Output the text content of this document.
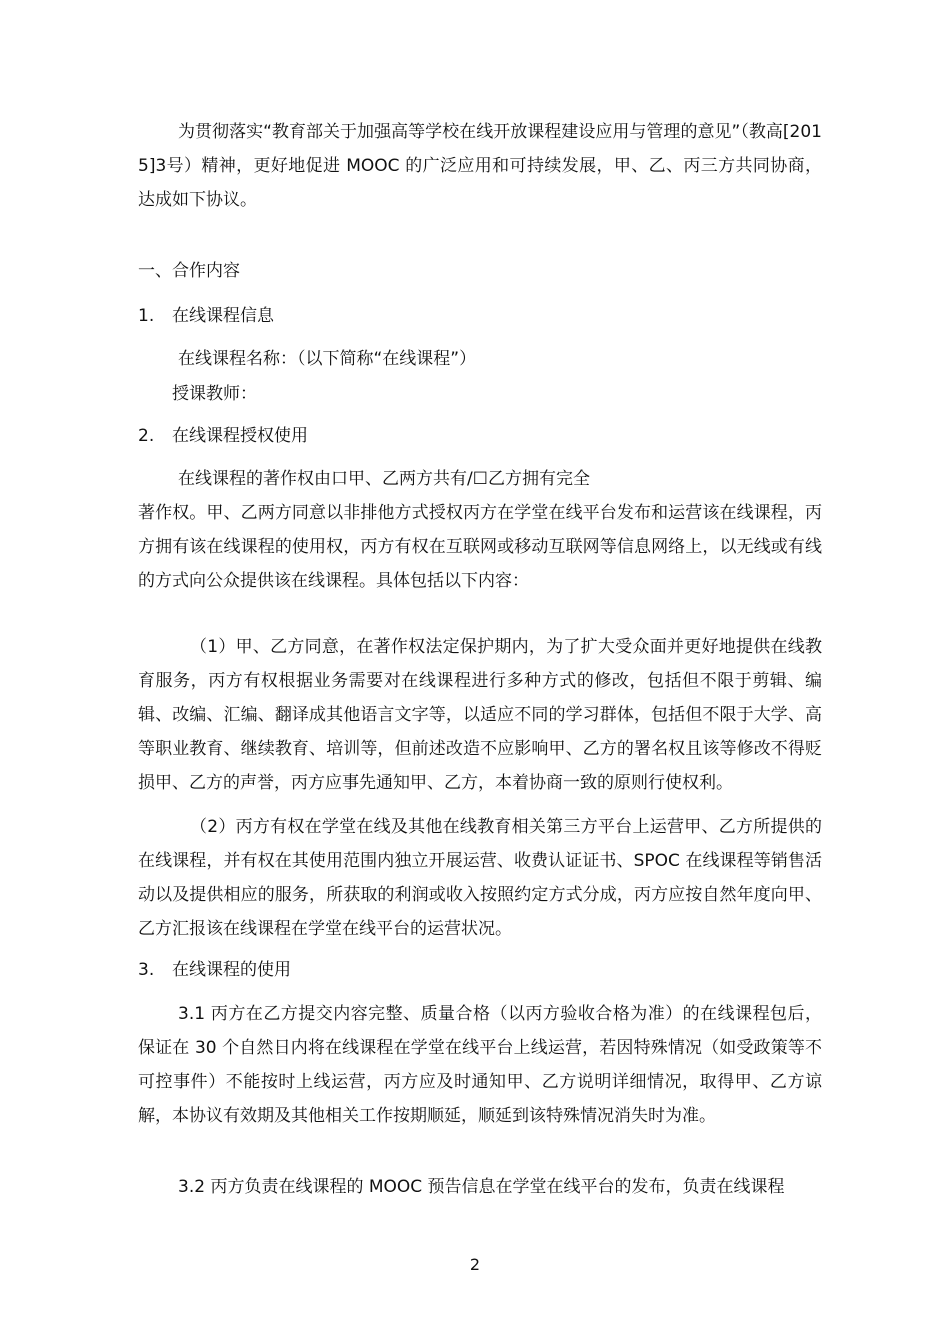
为贯彻落实“教育部关于加强高等学校在线开放课程建设应用与管理的意见”（教高[2015]3号）精神，更好地促进 MOOC 的广泛应用和可持续发展，甲、乙、丙三方共同协商，达成如下协议。

一、合作内容

1. 在线课程信息

在线课程名称：（以下简称“在线课程”）

授课教师：

2. 在线课程授权使用

在线课程的著作权由口甲、乙两方共有/☐乙方拥有完全

著作权。甲、乙两方同意以非排他方式授权丙方在学堂在线平台发布和运营该在线课程，丙方拥有该在线课程的使用权，丙方有权在互联网或移动互联网等信息网络上，以无线或有线的方式向公众提供该在线课程。具体包括以下内容：

（1）甲、乙方同意，在著作权法定保护期内，为了扩大受众面并更好地提供在线教育服务，丙方有权根据业务需要对在线课程进行多种方式的修改，包括但不限于剪辑、编辑、改编、汇编、翻译成其他语言文字等，以适应不同的学习群体，包括但不限于大学、高等职业教育、继续教育、培训等，但前述改造不应影响甲、乙方的署名权且该等修改不得贬损甲、乙方的声誉，丙方应事先通知甲、乙方，本着协商一致的原则行使权利。

（2）丙方有权在学堂在线及其他在线教育相关第三方平台上运营甲、乙方所提供的在线课程，并有权在其使用范围内独立开展运营、收费认证证书、SPOC 在线课程等销售活动以及提供相应的服务，所获取的利润或收入按照约定方式分成，丙方应按自然年度向甲、乙方汇报该在线课程在学堂在线平台的运营状况。

3. 在线课程的使用

3.1 丙方在乙方提交内容完整、质量合格（以丙方验收合格为准）的在线课程包后，保证在 30 个自然日内将在线课程在学堂在线平台上线运营，若因特殊情况（如受政策等不可控事件）不能按时上线运营，丙方应及时通知甲、乙方说明详细情况，取得甲、乙方谅解，本协议有效期及其他相关工作按期顺延，顺延到该特殊情况消失时为准。

3.2 丙方负责在线课程的 MOOC 预告信息在学堂在线平台的发布，负责在线课程

2
